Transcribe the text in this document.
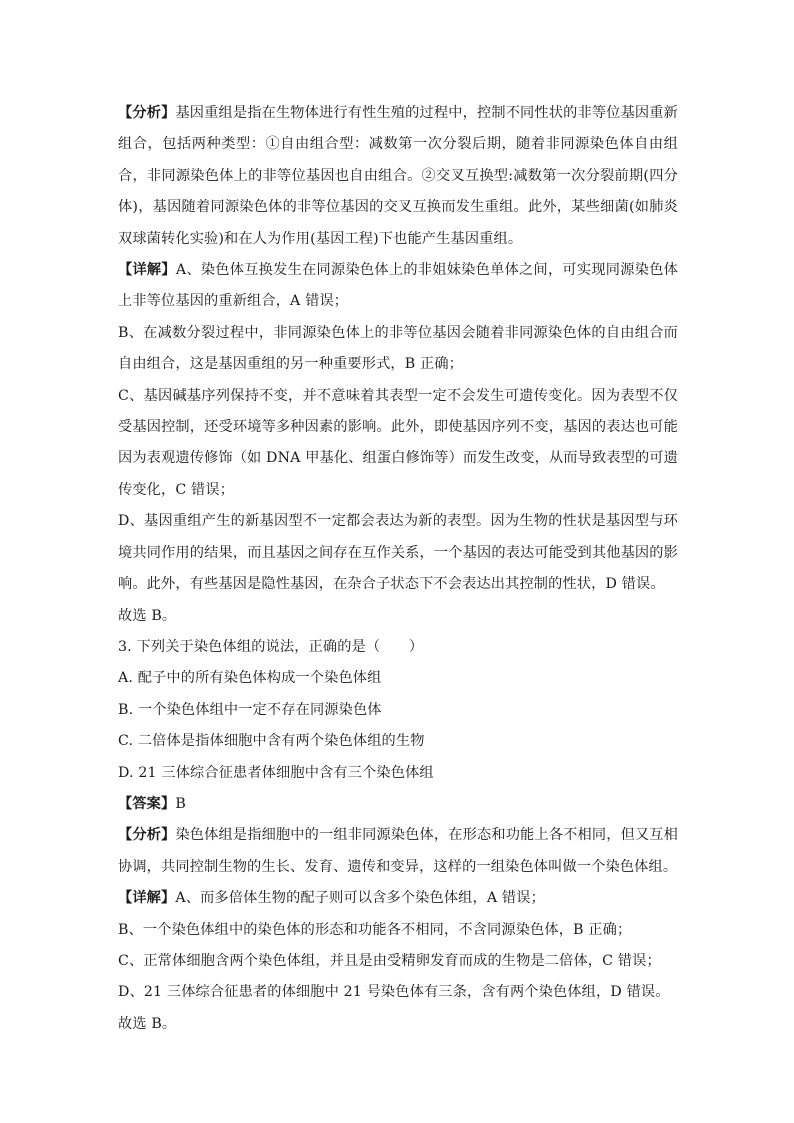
【分析】基因重组是指在生物体进行有性生殖的过程中，控制不同性状的非等位基因重新组合，包括两种类型：①自由组合型：减数第一次分裂后期，随着非同源染色体自由组合，非同源染色体上的非等位基因也自由组合。②交叉互换型:减数第一次分裂前期(四分体)，基因随着同源染色体的非等位基因的交叉互换而发生重组。此外，某些细菌(如肺炎双球菌转化实验)和在人为作用(基因工程)下也能产生基因重组。

【详解】A、染色体互换发生在同源染色体上的非姐妹染色单体之间，可实现同源染色体上非等位基因的重新组合，A 错误；

B、在减数分裂过程中，非同源染色体上的非等位基因会随着非同源染色体的自由组合而自由组合，这是基因重组的另一种重要形式，B 正确；

C、基因碱基序列保持不变，并不意味着其表型一定不会发生可遗传变化。因为表型不仅受基因控制，还受环境等多种因素的影响。此外，即使基因序列不变，基因的表达也可能因为表观遗传修饰（如 DNA 甲基化、组蛋白修饰等）而发生改变，从而导致表型的可遗传变化，C 错误；

D、基因重组产生的新基因型不一定都会表达为新的表型。因为生物的性状是基因型与环境共同作用的结果，而且基因之间存在互作关系，一个基因的表达可能受到其他基因的影响。此外，有些基因是隐性基因，在杂合子状态下不会表达出其控制的性状，D 错误。

故选 B。

3. 下列关于染色体组的说法，正确的是（　　）

A. 配子中的所有染色体构成一个染色体组

B. 一个染色体组中一定不存在同源染色体

C. 二倍体是指体细胞中含有两个染色体组的生物

D. 21 三体综合征患者体细胞中含有三个染色体组

【答案】B

【分析】染色体组是指细胞中的一组非同源染色体，在形态和功能上各不相同，但又互相协调，共同控制生物的生长、发育、遗传和变异，这样的一组染色体叫做一个染色体组。

【详解】A、而多倍体生物的配子则可以含多个染色体组，A 错误；

B、一个染色体组中的染色体的形态和功能各不相同，不含同源染色体，B 正确；

C、正常体细胞含两个染色体组，并且是由受精卵发育而成的生物是二倍体，C 错误；

D、21 三体综合征患者的体细胞中 21 号染色体有三条，含有两个染色体组，D 错误。

故选 B。
